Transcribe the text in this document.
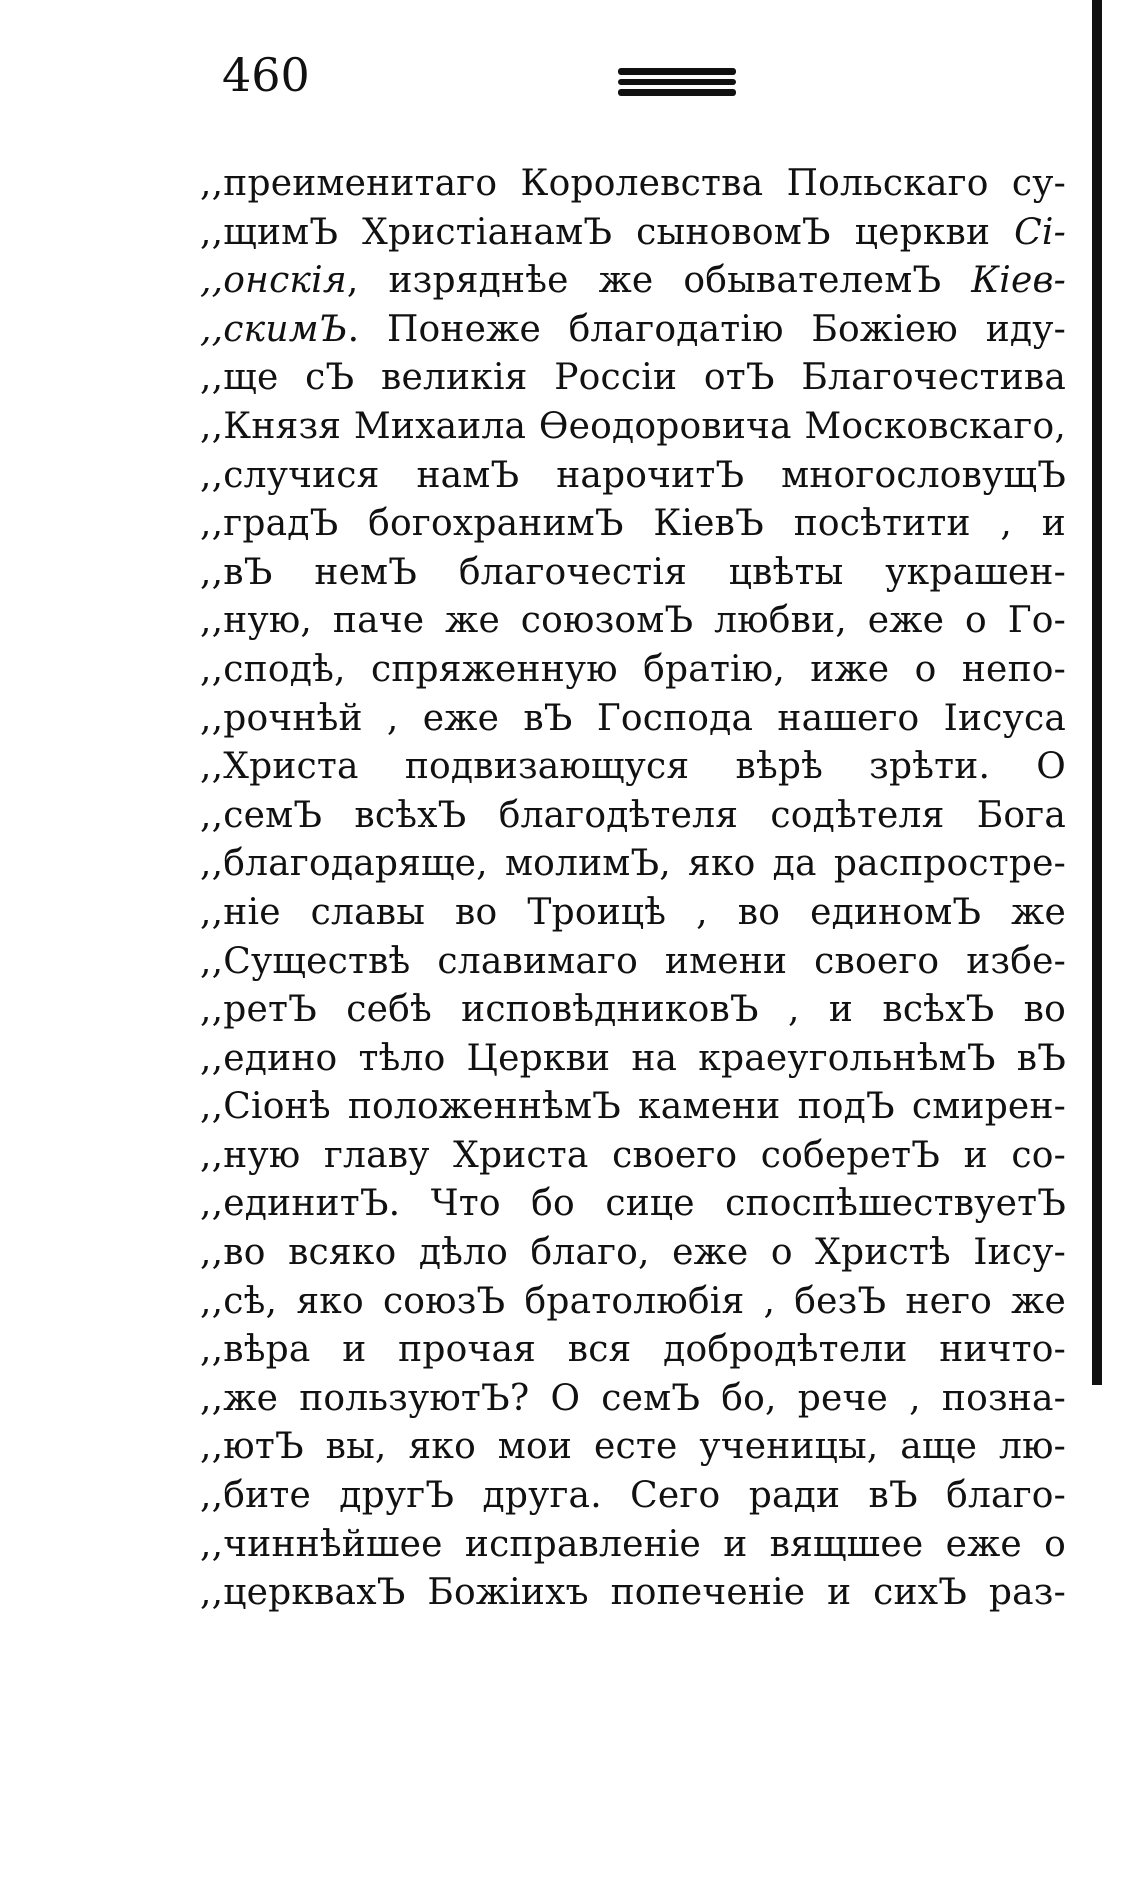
460
,,преименитаго Королевства Польскаго су-
,,щимЪ ХристіанамЪ сыновомЪ церкви Сі-
,,онскія, изряднѣе же обывателемЪ Кіев-
,,скимЪ. Понеже благодатію Божіею иду-
,,ще сЪ великія Россіи отЪ Благочестива
,,Князя Михаила Ѳеодоровича Московскаго,
,,случися намЪ нарочитЪ многословущЪ
,,градЪ богохранимЪ КіевЪ посѣтити , и
,,вЪ немЪ благочестія цвѣты украшен-
,,ную, паче же союзомЪ любви, еже о Го-
,,сподѣ, спряженную братію, иже о непо-
,,рочнѣй , еже вЪ Господа нашего Іисуса
,,Христа подвизающуся вѣрѣ зрѣти. О
,,семЪ всѣхЪ благодѣтеля содѣтеля Бога
,,благодаряще, молимЪ, яко да распростре-
,,ніе славы во Троицѣ , во единомЪ же
,,Существѣ славимаго имени своего избе-
,,ретЪ себѣ исповѣдниковЪ , и всѣхЪ во
,,едино тѣло Церкви на краеугольнѣмЪ вЪ
,,Сіонѣ положеннѣмЪ камени подЪ смирен-
,,ную главу Христа своего соберетЪ и со-
,,единитЪ. Что бо сице споспѣшествуетЪ
,,во всяко дѣло благо, еже о Христѣ Іису-
,,сѣ, яко союзЪ братолюбія , безЪ него же
,,вѣра и прочая вся добродѣтели ничто-
,,же пользуютЪ? О семЪ бо, рече , позна-
,,ютЪ вы, яко мои есте ученицы, аще лю-
,,бите другЪ друга. Сего ради вЪ благо-
,,чиннѣйшее исправленіе и вящшее еже о
,,церквахЪ Божіихъ попеченіе и сихЪ раз-
